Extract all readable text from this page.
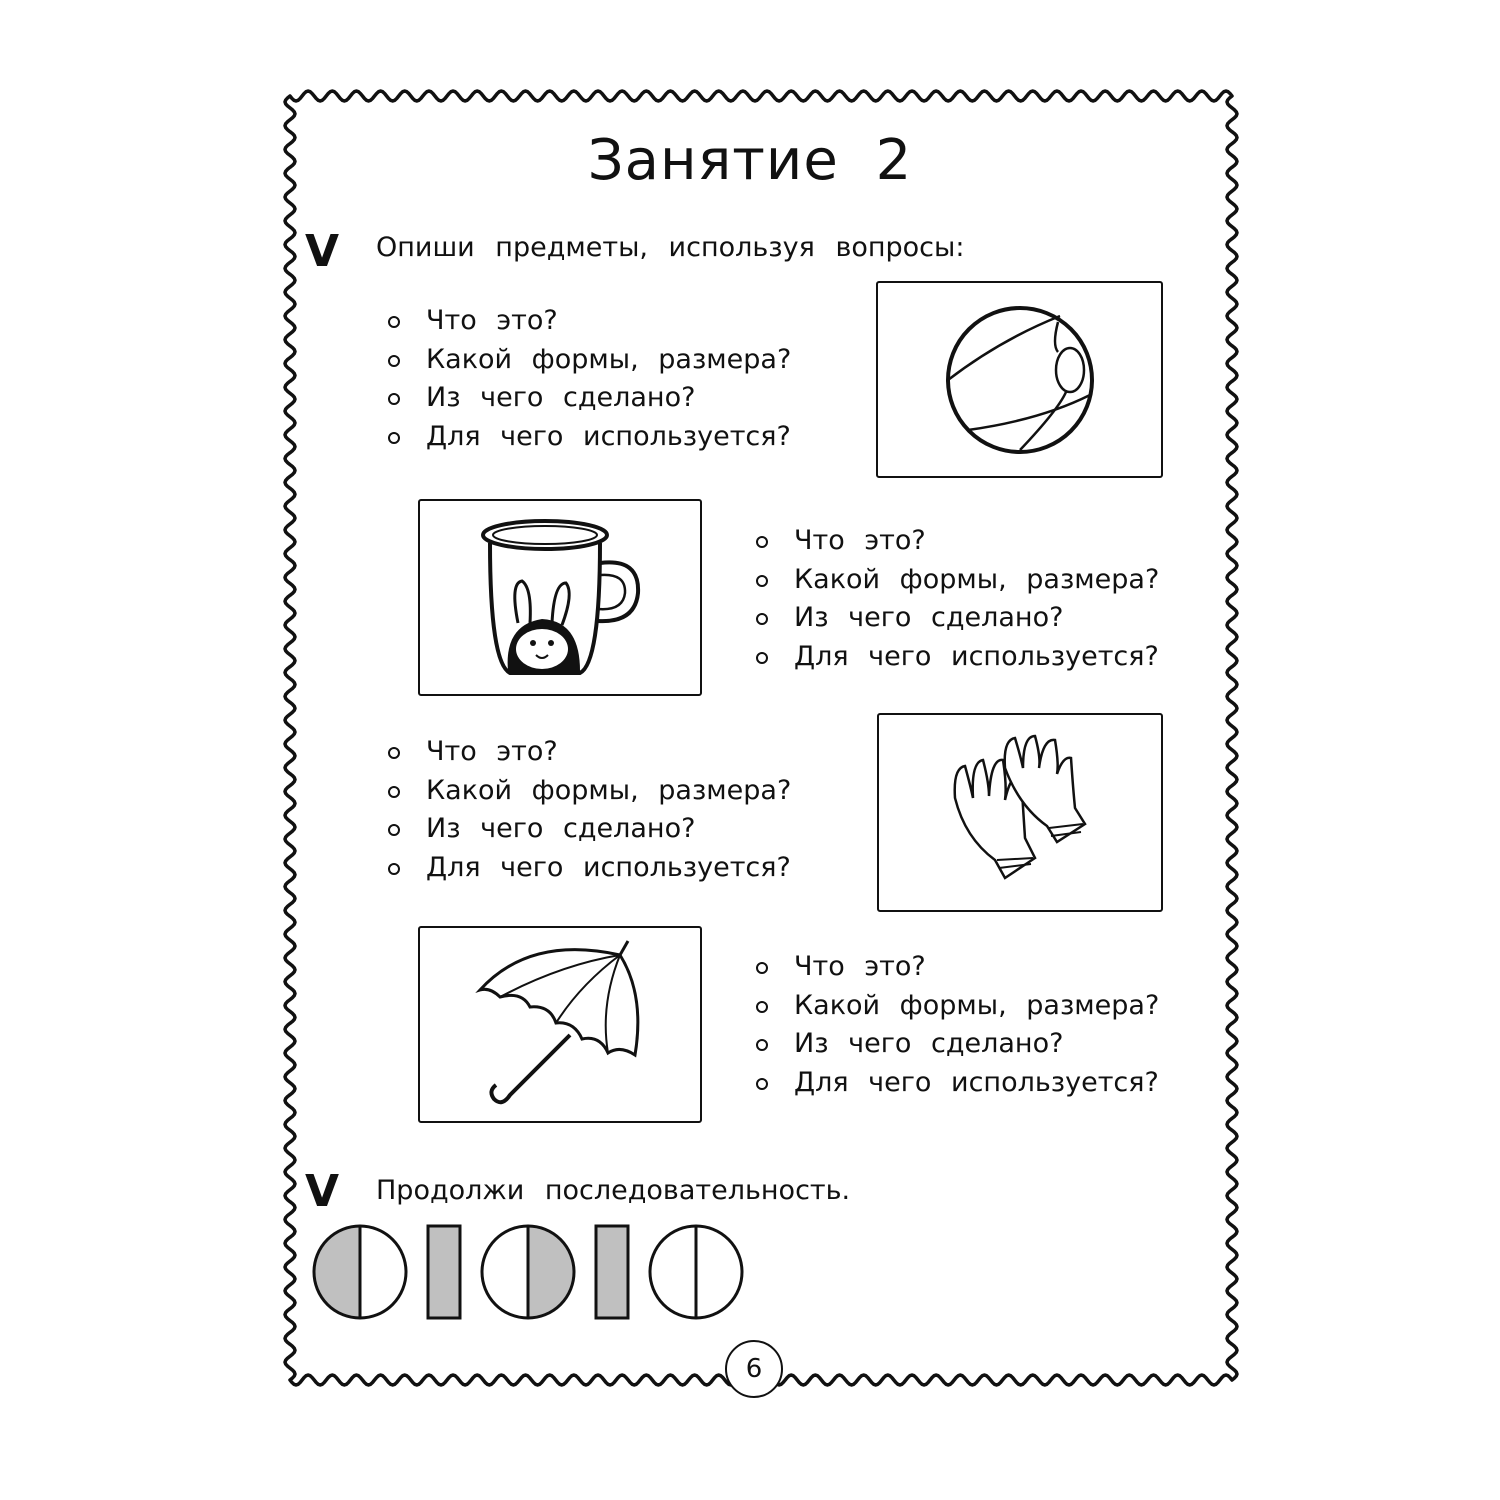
Занятие 2
V Опиши предметы, используя вопросы:
Что это?
Какой формы, размера?
Из чего сделано?
Для чего используется?
Что это?
Какой формы, размера?
Из чего сделано?
Для чего используется?
Что это?
Какой формы, размера?
Из чего сделано?
Для чего используется?
Что это?
Какой формы, размера?
Из чего сделано?
Для чего используется?
V Продолжи последовательность.
6
